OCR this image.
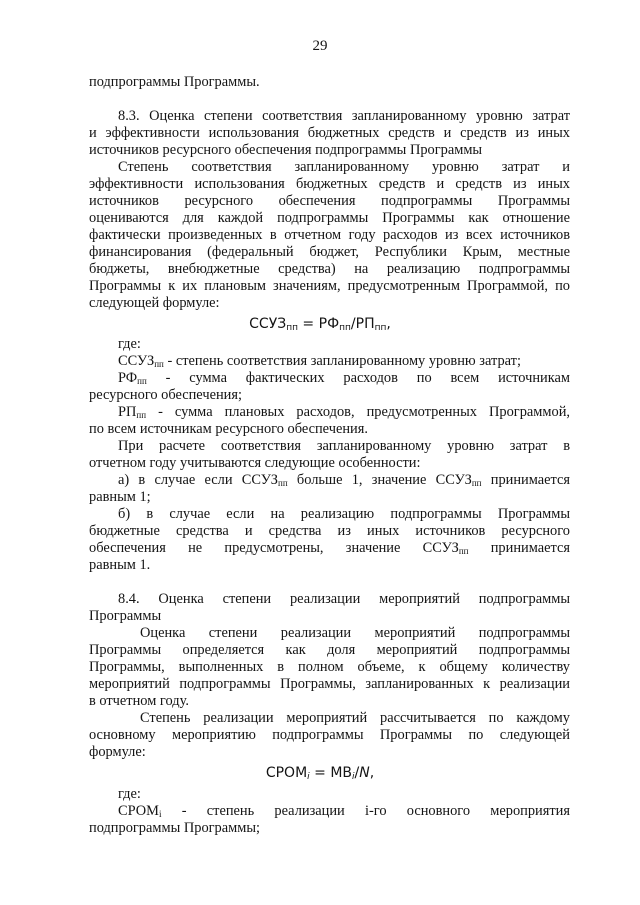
29
подпрограммы Программы.
8.3. Оценка степени соответствия запланированному уровню затрат
и эффективности использования бюджетных средств и средств из иных
источников ресурсного обеспечения подпрограммы Программы
Степень соответствия запланированному уровню затрат и
эффективности использования бюджетных средств и средств из иных
источников ресурсного обеспечения подпрограммы Программы
оцениваются для каждой подпрограммы Программы как отношение
фактически произведенных в отчетном году расходов из всех источников
финансирования (федеральный бюджет, Республики Крым, местные
бюджеты, внебюджетные средства) на реализацию подпрограммы
Программы к их плановым значениям, предусмотренным Программой, по
следующей формуле:
$ССУЗ_{пп} = РФ_{пп}/РП_{пп}$,
где:
$ССУЗ_{пп}$ - степень соответствия запланированному уровню затрат;
$РФ_{пп}$ - сумма фактических расходов по всем источникам
ресурсного обеспечения;
$РП_{пп}$ - сумма плановых расходов, предусмотренных Программой,
по всем источникам ресурсного обеспечения.
При расчете соответствия запланированному уровню затрат в
отчетном году учитываются следующие особенности:
а) в случае если ССУЗпп больше 1, значение ССУЗпп принимается
равным 1;
б) в случае если на реализацию подпрограммы Программы
бюджетные средства и средства из иных источников ресурсного
обеспечения не предусмотрены, значение ССУЗпп принимается
равным 1.
8.4. Оценка степени реализации мероприятий подпрограммы
Программы
Оценка степени реализации мероприятий подпрограммы
Программы определяется как доля мероприятий подпрограммы
Программы, выполненных в полном объеме, к общему количеству
мероприятий подпрограммы Программы, запланированных к реализации
в отчетном году.
Степень реализации мероприятий рассчитывается по каждому
основному мероприятию подпрограммы Программы по следующей
формуле:
$СРОМ_i = МВ_i/N$,
где:
СРОМi - степень реализации i-го основного мероприятия
подпрограммы Программы;
